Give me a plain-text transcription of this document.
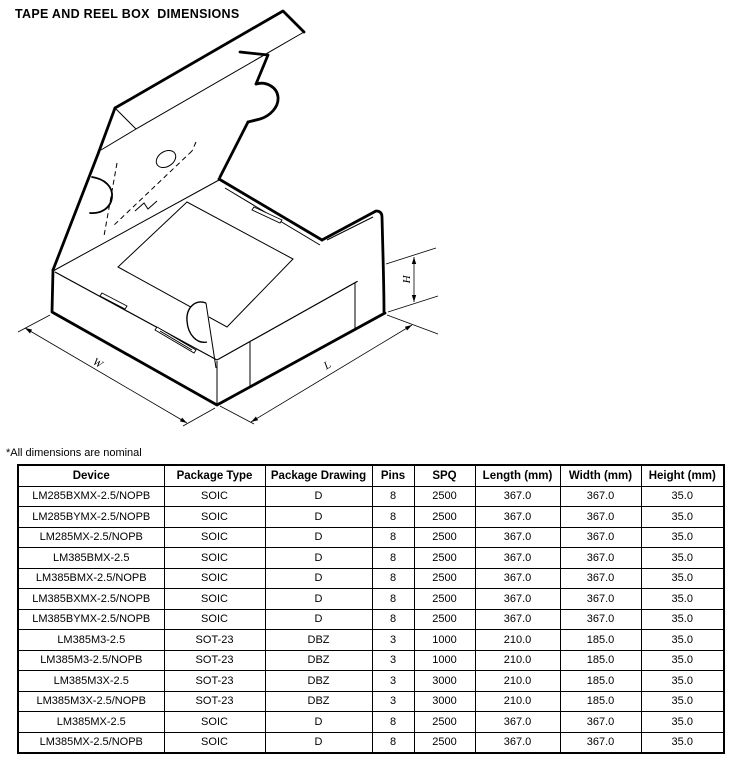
TAPE AND REEL BOX  DIMENSIONS
W	L
H
*All dimensions are nominal
Device	Package Type	Package Drawing	Pins	SPQ	Length (mm)	Width (mm)	Height (mm)
LM285BXMX-2.5/NOPB	SOIC	D	8	2500	367.0	367.0	35.0
LM285BYMX-2.5/NOPB	SOIC	D	8	2500	367.0	367.0	35.0
LM285MX-2.5/NOPB	SOIC	D	8	2500	367.0	367.0	35.0
LM385BMX-2.5	SOIC	D	8	2500	367.0	367.0	35.0
LM385BMX-2.5/NOPB	SOIC	D	8	2500	367.0	367.0	35.0
LM385BXMX-2.5/NOPB	SOIC	D	8	2500	367.0	367.0	35.0
LM385BYMX-2.5/NOPB	SOIC	D	8	2500	367.0	367.0	35.0
LM385M3-2.5	SOT-23	DBZ	3	1000	210.0	185.0	35.0
LM385M3-2.5/NOPB	SOT-23	DBZ	3	1000	210.0	185.0	35.0
LM385M3X-2.5	SOT-23	DBZ	3	3000	210.0	185.0	35.0
LM385M3X-2.5/NOPB	SOT-23	DBZ	3	3000	210.0	185.0	35.0
LM385MX-2.5	SOIC	D	8	2500	367.0	367.0	35.0
LM385MX-2.5/NOPB	SOIC	D	8	2500	367.0	367.0	35.0
